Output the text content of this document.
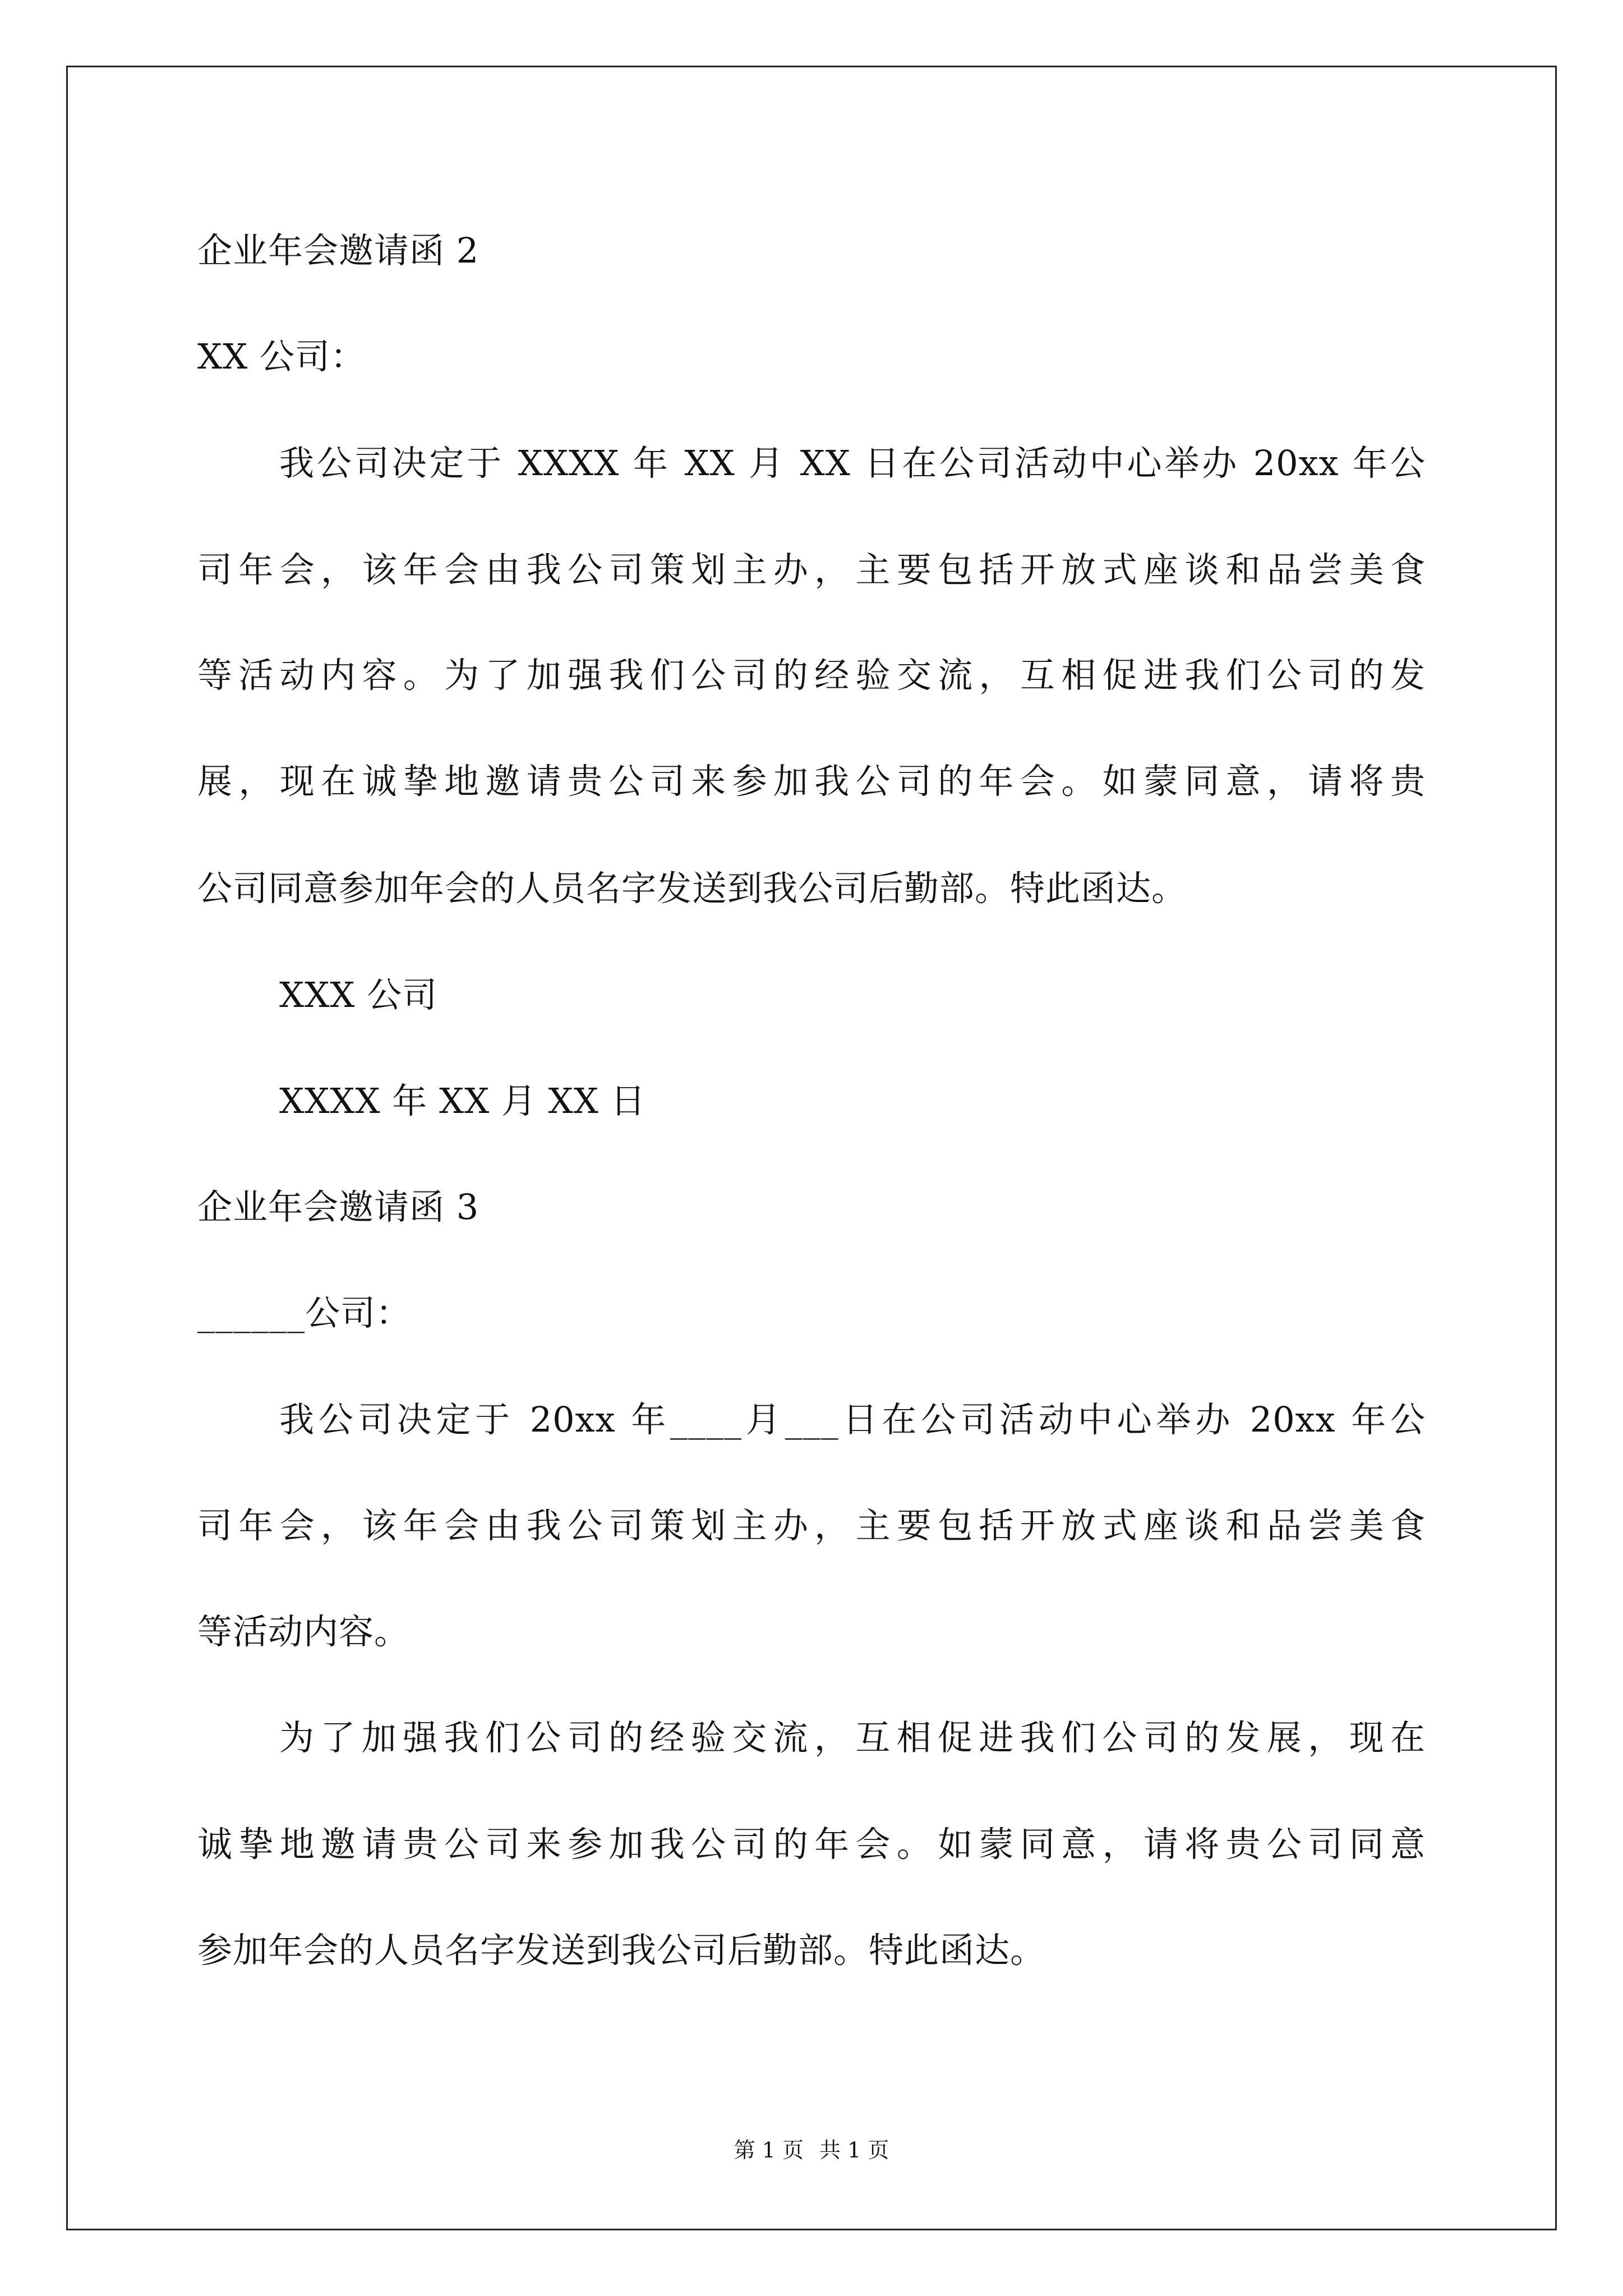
企业年会邀请函 2
XX 公司：
我公司决定于 XXXX 年 XX 月 XX 日在公司活动中心举办 20xx 年公
司年会，该年会由我公司策划主办，主要包括开放式座谈和品尝美食
等活动内容。为了加强我们公司的经验交流，互相促进我们公司的发
展，现在诚挚地邀请贵公司来参加我公司的年会。如蒙同意，请将贵
公司同意参加年会的人员名字发送到我公司后勤部。特此函达。
XXX 公司
XXXX 年 XX 月 XX 日
企业年会邀请函 3
______公司：
我公司决定于 20xx 年____月___日在公司活动中心举办 20xx 年公
司年会，该年会由我公司策划主办，主要包括开放式座谈和品尝美食
等活动内容。
为了加强我们公司的经验交流，互相促进我们公司的发展，现在
诚挚地邀请贵公司来参加我公司的年会。如蒙同意，请将贵公司同意
参加年会的人员名字发送到我公司后勤部。特此函达。
第 1 页 共 1 页
